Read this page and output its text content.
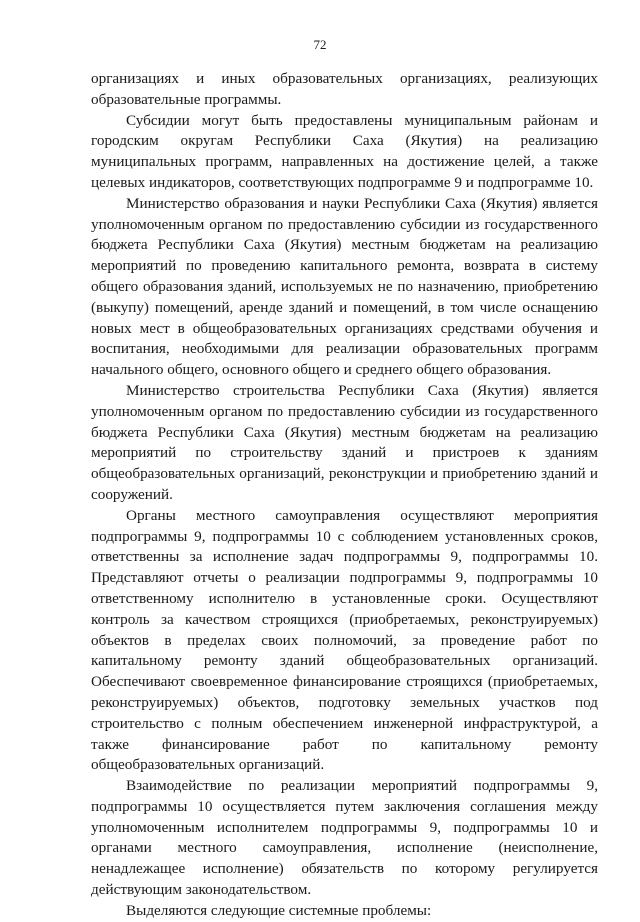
72

организациях и иных образовательных организациях, реализующих образовательные программы.

Субсидии могут быть предоставлены муниципальным районам и городским округам Республики Саха (Якутия) на реализацию муниципальных программ, направленных на достижение целей, а также целевых индикаторов, соответствующих подпрограмме 9 и подпрограмме 10.

Министерство образования и науки Республики Саха (Якутия) является уполномоченным органом по предоставлению субсидии из государственного бюджета Республики Саха (Якутия) местным бюджетам на реализацию мероприятий по проведению капитального ремонта, возврата в систему общего образования зданий, используемых не по назначению, приобретению (выкупу) помещений, аренде зданий и помещений, в том числе оснащению новых мест в общеобразовательных организациях средствами обучения и воспитания, необходимыми для реализации образовательных программ начального общего, основного общего и среднего общего образования.

Министерство строительства Республики Саха (Якутия) является уполномоченным органом по предоставлению субсидии из государственного бюджета Республики Саха (Якутия) местным бюджетам на реализацию мероприятий по строительству зданий и пристроев к зданиям общеобразовательных организаций, реконструкции и приобретению зданий и сооружений.

Органы местного самоуправления осуществляют мероприятия подпрограммы 9, подпрограммы 10 с соблюдением установленных сроков, ответственны за исполнение задач подпрограммы 9, подпрограммы 10. Представляют отчеты о реализации подпрограммы 9, подпрограммы 10 ответственному исполнителю в установленные сроки. Осуществляют контроль за качеством строящихся (приобретаемых, реконструируемых) объектов в пределах своих полномочий, за проведение работ по капитальному ремонту зданий общеобразовательных организаций. Обеспечивают своевременное финансирование строящихся (приобретаемых, реконструируемых) объектов, подготовку земельных участков под строительство с полным обеспечением инженерной инфраструктурой, а также финансирование работ по капитальному ремонту общеобразовательных организаций.

Взаимодействие по реализации мероприятий подпрограммы 9, подпрограммы 10 осуществляется путем заключения соглашения между уполномоченным исполнителем подпрограммы 9, подпрограммы 10 и органами местного самоуправления, исполнение (неисполнение, ненадлежащее исполнение) обязательств по которому регулируется действующим законодательством.

Выделяются следующие системные проблемы:
